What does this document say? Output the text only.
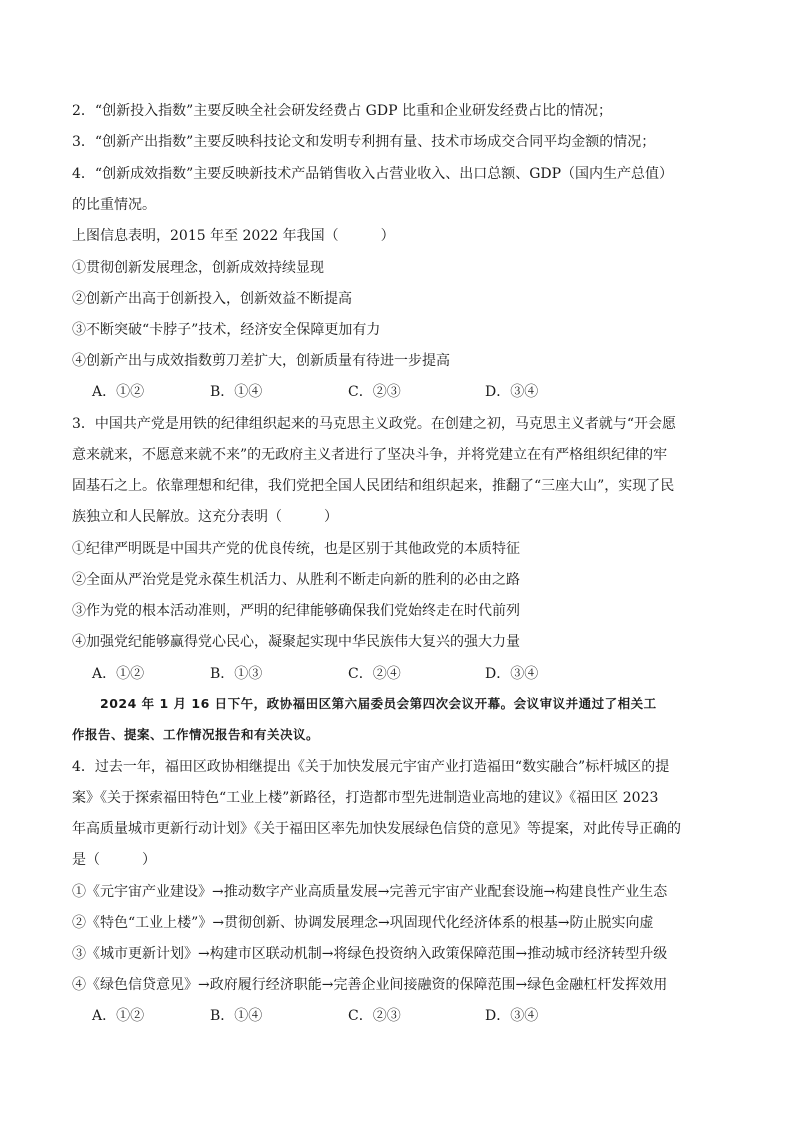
2．“创新投入指数”主要反映全社会研发经费占 GDP 比重和企业研发经费占比的情况；
3．“创新产出指数”主要反映科技论文和发明专利拥有量、技术市场成交合同平均金额的情况；
4．“创新成效指数”主要反映新技术产品销售收入占营业收入、出口总额、GDP（国内生产总值）
的比重情况。
上图信息表明，2015 年至 2022 年我国（　　　）
①贯彻创新发展理念，创新成效持续显现
②创新产出高于创新投入，创新效益不断提高
③不断突破“卡脖子”技术，经济安全保障更加有力
④创新产出与成效指数剪刀差扩大，创新质量有待进一步提高
A．①②	B．①④	C．②③	D．③④
3．中国共产党是用铁的纪律组织起来的马克思主义政党。在创建之初，马克思主义者就与“开会愿
意来就来，不愿意来就不来”的无政府主义者进行了坚决斗争，并将党建立在有严格组织纪律的牢
固基石之上。依靠理想和纪律，我们党把全国人民团结和组织起来，推翻了“三座大山”，实现了民
族独立和人民解放。这充分表明（　　　）
①纪律严明既是中国共产党的优良传统，也是区别于其他政党的本质特征
②全面从严治党是党永葆生机活力、从胜利不断走向新的胜利的必由之路
③作为党的根本活动准则，严明的纪律能够确保我们党始终走在时代前列
④加强党纪能够赢得党心民心，凝聚起实现中华民族伟大复兴的强大力量
A．①②	B．①③	C．②④	D．③④
2024 年 1 月 16 日下午，政协福田区第六届委员会第四次会议开幕。会议审议并通过了相关工
作报告、提案、工作情况报告和有关决议。
4．过去一年，福田区政协相继提出《关于加快发展元宇宙产业打造福田“数实融合”标杆城区的提
案》《关于探索福田特色“工业上楼”新路径，打造都市型先进制造业高地的建议》《福田区 2023
年高质量城市更新行动计划》《关于福田区率先加快发展绿色信贷的意见》等提案，对此传导正确的
是（　　　）
①《元宇宙产业建设》→推动数字产业高质量发展→完善元宇宙产业配套设施→构建良性产业生态
②《特色“工业上楼”》→贯彻创新、协调发展理念→巩固现代化经济体系的根基→防止脱实向虚
③《城市更新计划》→构建市区联动机制→将绿色投资纳入政策保障范围→推动城市经济转型升级
④《绿色信贷意见》→政府履行经济职能→完善企业间接融资的保障范围→绿色金融杠杆发挥效用
A．①②	B．①④	C．②③	D．③④
